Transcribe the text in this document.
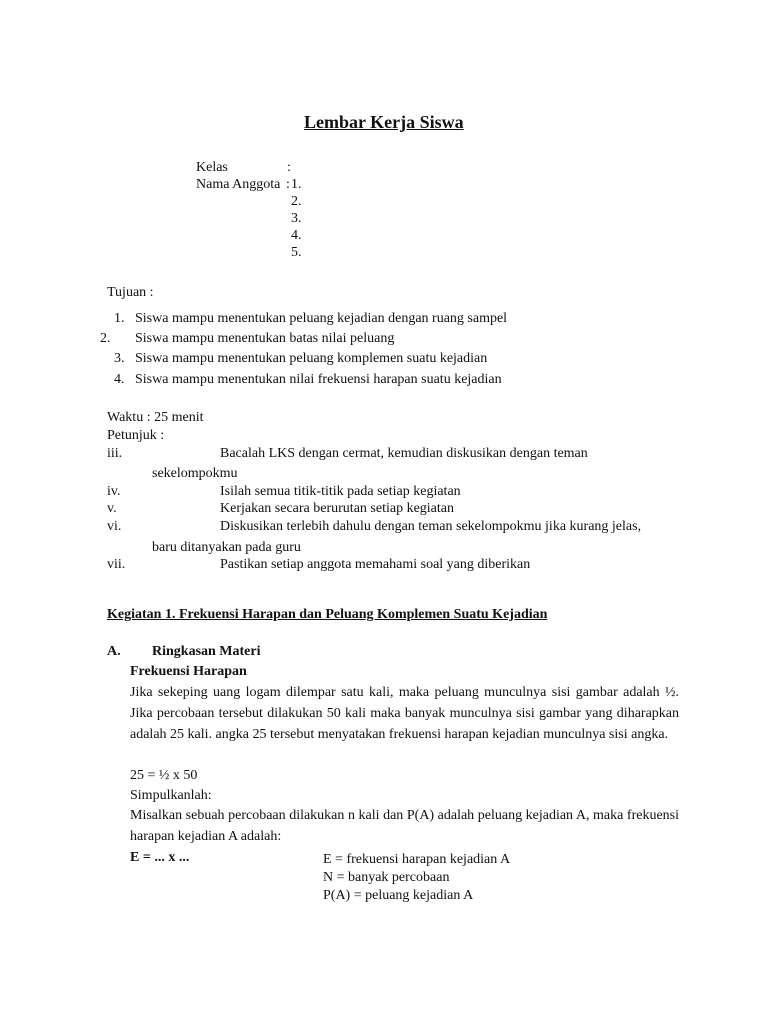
Lembar Kerja Siswa
Kelas	:
Nama Anggota : 1.
2.
3.
4.
5.
Tujuan :
1. Siswa mampu menentukan peluang kejadian dengan ruang sampel
2. Siswa mampu menentukan batas nilai peluang
3. Siswa mampu menentukan peluang komplemen suatu kejadian
4. Siswa mampu menentukan nilai frekuensi harapan suatu kejadian
Waktu : 25 menit
Petunjuk :
iii.	Bacalah LKS dengan cermat, kemudian diskusikan dengan teman
sekelompokmu
iv.	Isilah semua titik-titik pada setiap kegiatan
v.	Kerjakan secara berurutan setiap kegiatan
vi.	Diskusikan terlebih dahulu dengan teman sekelompokmu jika kurang jelas,
baru ditanyakan pada guru
vii.	Pastikan setiap anggota memahami soal yang diberikan
Kegiatan 1. Frekuensi Harapan dan Peluang Komplemen Suatu Kejadian
A. Ringkasan Materi
Frekuensi Harapan
Jika sekeping uang logam dilempar satu kali, maka peluang munculnya sisi gambar adalah ½. Jika percobaan tersebut dilakukan 50 kali maka banyak munculnya sisi gambar yang diharapkan adalah 25 kali. angka 25 tersebut menyatakan frekuensi harapan kejadian munculnya sisi angka.
25 = ½ x 50
Simpulkanlah:
Misalkan sebuah percobaan dilakukan n kali dan P(A) adalah peluang kejadian A, maka frekuensi harapan kejadian A adalah:
E = ... x ...	E = frekuensi harapan kejadian A
N = banyak percobaan
P(A) = peluang kejadian A
